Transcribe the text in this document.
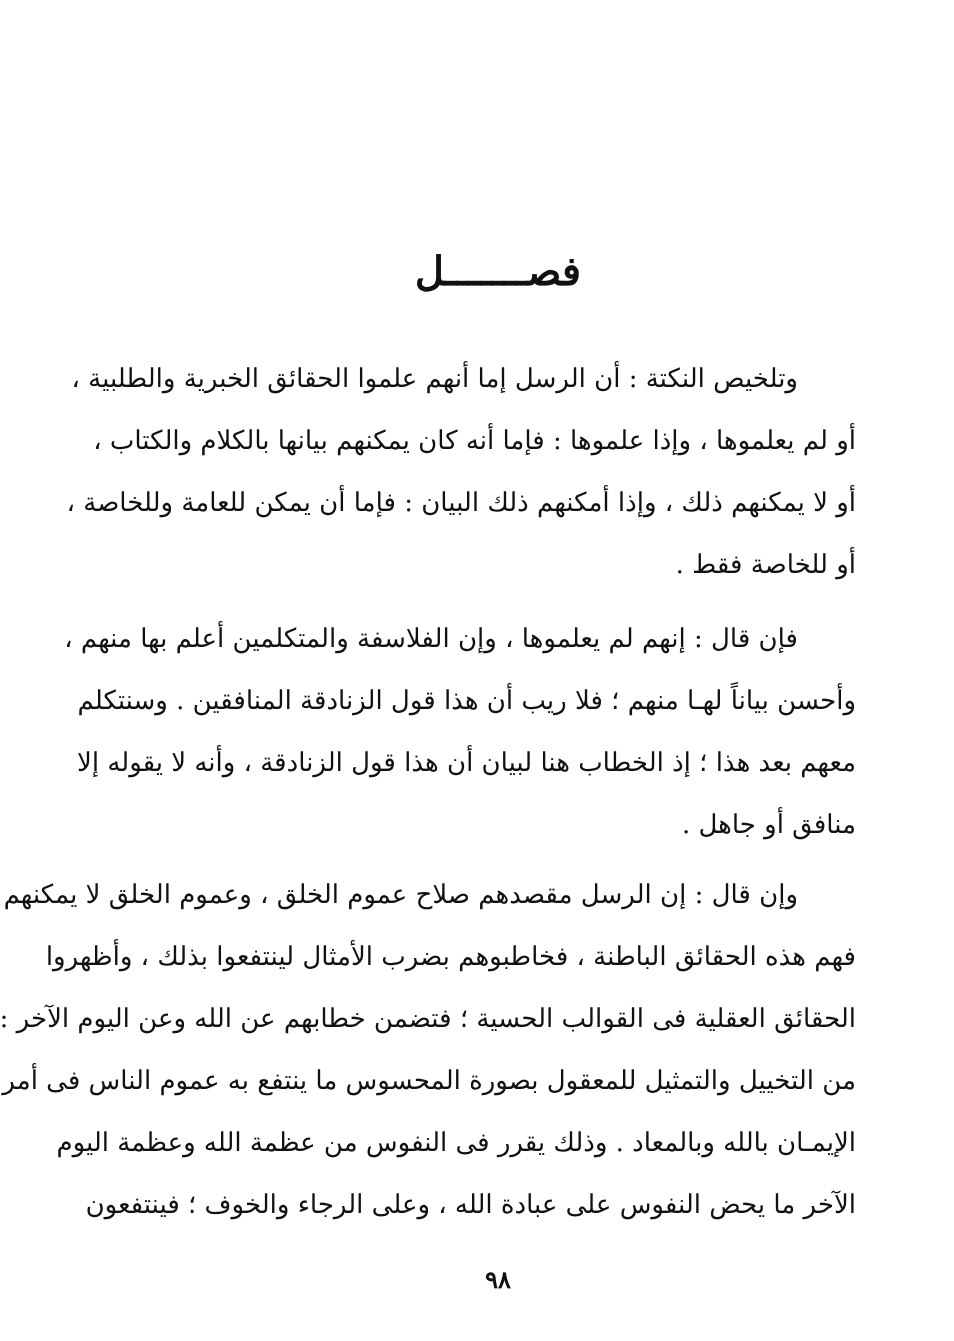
فصـــــــل
وتلخيص النكتة : أن الرسل إما أنهم علموا الحقائق الخبرية والطلبية ،
أو لم يعلموها ، وإذا علموها : فإما أنه كان يمكنهم بيانها بالكلام والكتاب ،
أو لا يمكنهم ذلك ، وإذا أمكنهم ذلك البيان : فإما أن يمكن للعامة وللخاصة ،
أو للخاصة فقط .
فإن قال : إنهم لم يعلموها ، وإن الفلاسفة والمتكلمين أعلم بها منهم ،
وأحسن بياناً لهـا منهم ؛ فلا ريب أن هذا قول الزنادقة المنافقين . وسنتكلم
معهم بعد هذا ؛ إذ الخطاب هنا لبيان أن هذا قول الزنادقة ، وأنه لا يقوله إلا
منافق أو جاهل .
وإن قال : إن الرسل مقصدهم صلاح عموم الخلق ، وعموم الخلق لا يمكنهم
فهم هذه الحقائق الباطنة ، فخاطبوهم بضرب الأمثال لينتفعوا بذلك ، وأظهروا
الحقائق العقلية فى القوالب الحسية ؛ فتضمن خطابهم عن الله وعن اليوم الآخر :
من التخييل والتمثيل للمعقول بصورة المحسوس ما ينتفع به عموم الناس فى أمر
الإيمـان بالله وبالمعاد . وذلك يقرر فى النفوس من عظمة الله وعظمة اليوم
الآخر ما يحض النفوس على عبادة الله ، وعلى الرجاء والخوف ؛ فينتفعون
٩٨
